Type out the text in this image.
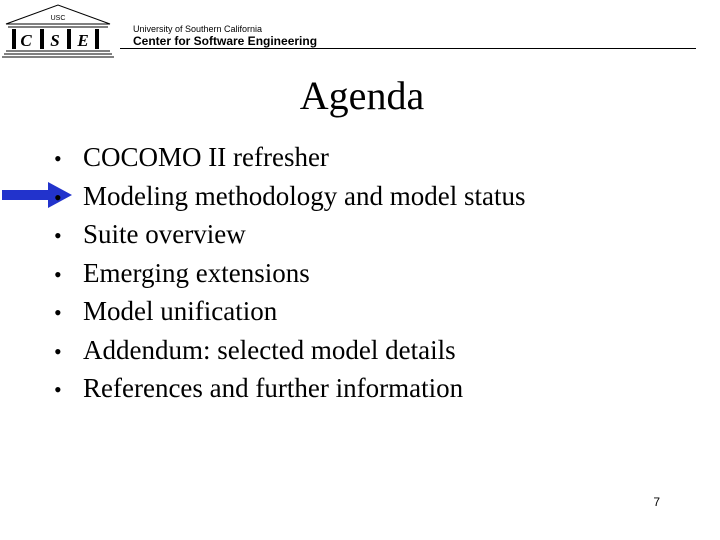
USC
C S E
University of Southern California
Center for Software Engineering
Agenda
• COCOMO II refresher
• Modeling methodology and model status
• Suite overview
• Emerging extensions
• Model unification
• Addendum: selected model details
• References and further information
7
